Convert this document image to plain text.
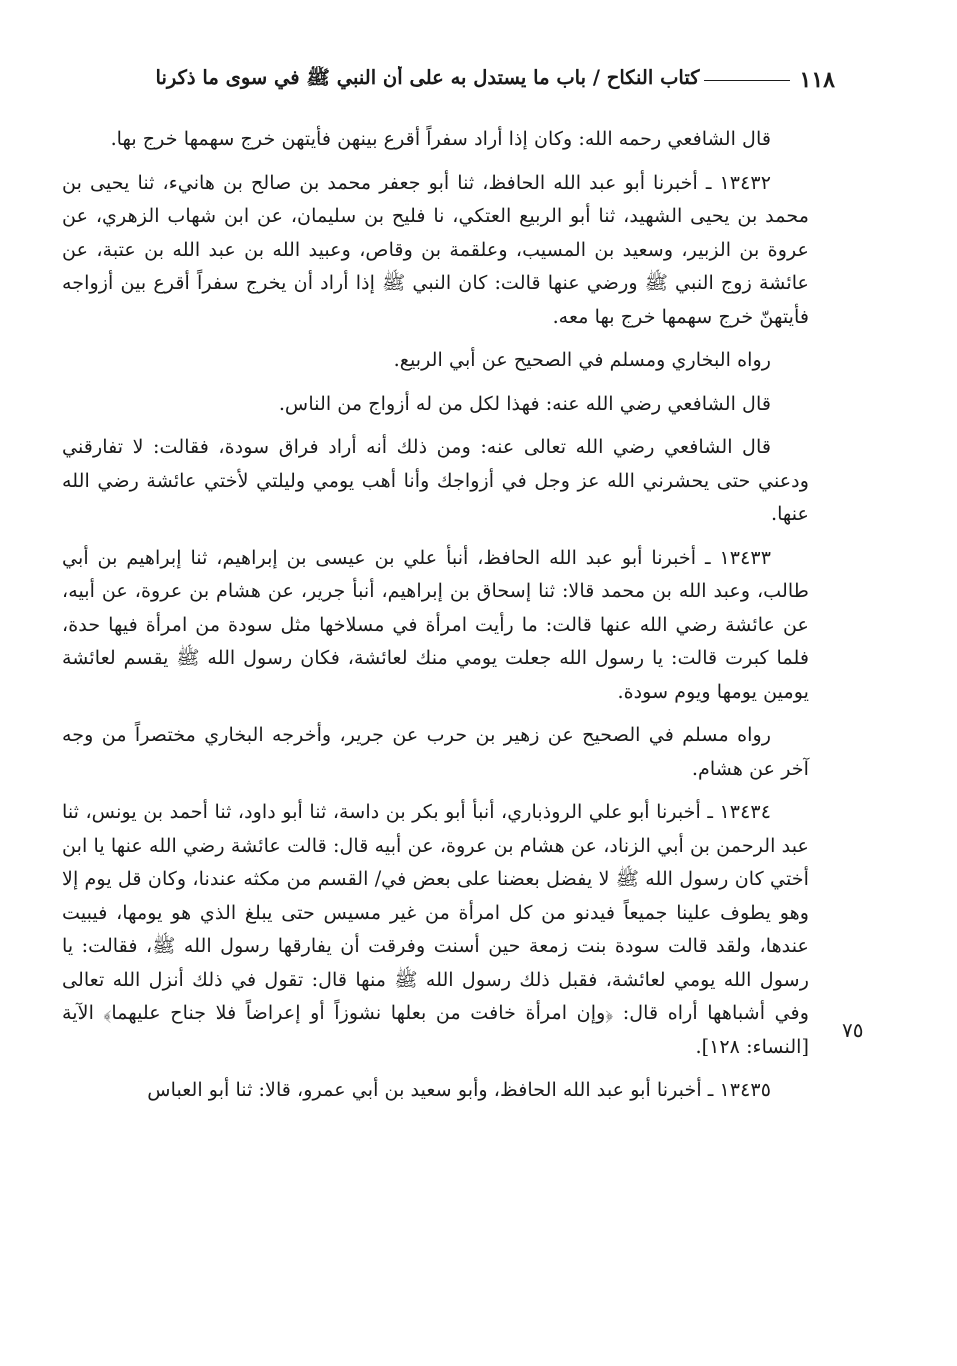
١١٨
كتاب النكاح / باب ما يستدل به على أن النبي ﷺ في سوى ما ذكرنا

قال الشافعي رحمه الله: وكان إذا أراد سفراً أقرع بينهن فأيتهن خرج سهمها خرج بها.

١٣٤٣٢ ـ أخبرنا أبو عبد الله الحافظ، ثنا أبو جعفر محمد بن صالح بن هانيء، ثنا يحيى بن محمد بن يحيى الشهيد، ثنا أبو الربيع العتكي، نا فليح بن سليمان، عن ابن شهاب الزهري، عن عروة بن الزبير، وسعيد بن المسيب، وعلقمة بن وقاص، وعبيد الله بن عبد الله بن عتبة، عن عائشة زوج النبي ﷺ ورضي عنها قالت: كان النبي ﷺ إذا أراد أن يخرج سفراً أقرع بين أزواجه فأيتهنّ خرج سهمها خرج بها معه.

رواه البخاري ومسلم في الصحيح عن أبي الربيع.

قال الشافعي رضي الله عنه: فهذا لكل من له أزواج من الناس.

قال الشافعي رضي الله تعالى عنه: ومن ذلك أنه أراد فراق سودة، فقالت: لا تفارقني ودعني حتى يحشرني الله عز وجل في أزواجك وأنا أهب يومي وليلتي لأختي عائشة رضي الله عنها.

١٣٤٣٣ ـ أخبرنا أبو عبد الله الحافظ، أنبأ علي بن عيسى بن إبراهيم، ثنا إبراهيم بن أبي طالب، وعبد الله بن محمد قالا: ثنا إسحاق بن إبراهيم، أنبأ جرير، عن هشام بن عروة، عن أبيه، عن عائشة رضي الله عنها قالت: ما رأيت امرأة في مسلاخها مثل سودة من امرأة فيها حدة، فلما كبرت قالت: يا رسول الله جعلت يومي منك لعائشة، فكان رسول الله ﷺ يقسم لعائشة يومين يومها ويوم سودة.

رواه مسلم في الصحيح عن زهير بن حرب عن جرير، وأخرجه البخاري مختصراً من وجه آخر عن هشام.

١٣٤٣٤ ـ أخبرنا أبو علي الروذباري، أنبأ أبو بكر بن داسة، ثنا أبو داود، ثنا أحمد بن يونس، ثنا عبد الرحمن بن أبي الزناد، عن هشام بن عروة، عن أبيه قال: قالت عائشة رضي الله عنها يا ابن أختي كان رسول الله ﷺ لا يفضل بعضنا على بعض في/ القسم من مكثه عندنا، وكان قل يوم إلا وهو يطوف علينا جميعاً فيدنو من كل امرأة من غير مسيس حتى يبلغ الذي هو يومها، فيبيت عندها، ولقد قالت سودة بنت زمعة حين أسنت وفرقت أن يفارقها رسول الله ﷺ، فقالت: يا رسول الله يومي لعائشة، فقبل ذلك رسول الله ﷺ منها قال: تقول في ذلك أنزل الله تعالى وفي أشباهها أراه قال: ﴿وإن امرأة خافت من بعلها نشوزاً أو إعراضاً فلا جناح عليهما﴾ الآية [النساء: ١٢٨].

١٣٤٣٥ ـ أخبرنا أبو عبد الله الحافظ، وأبو سعيد بن أبي عمرو، قالا: ثنا أبو العباس

٧٥
